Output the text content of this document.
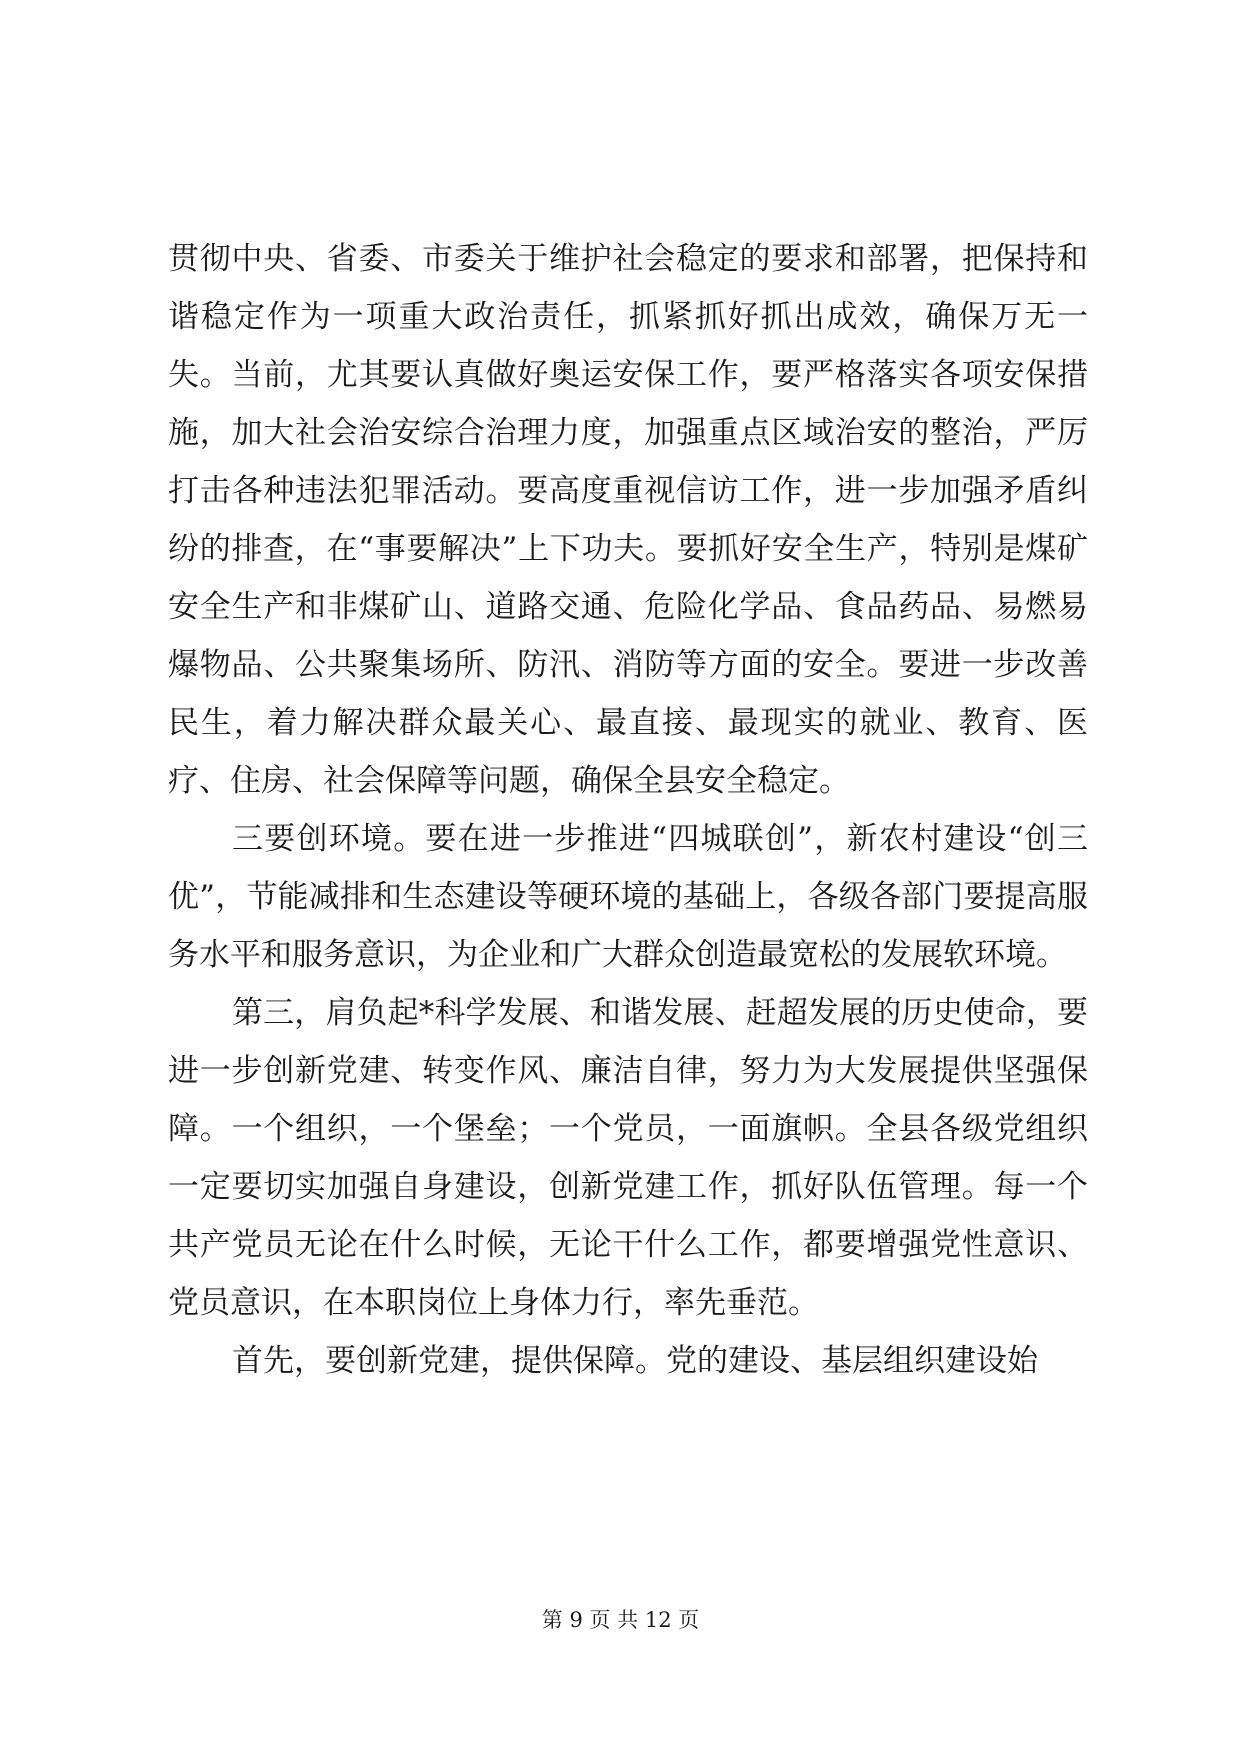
贯彻中央、省委、市委关于维护社会稳定的要求和部署，把保持和谐稳定作为一项重大政治责任，抓紧抓好抓出成效，确保万无一失。当前，尤其要认真做好奥运安保工作，要严格落实各项安保措施，加大社会治安综合治理力度，加强重点区域治安的整治，严厉打击各种违法犯罪活动。要高度重视信访工作，进一步加强矛盾纠纷的排查，在“事要解决”上下功夫。要抓好安全生产，特别是煤矿安全生产和非煤矿山、道路交通、危险化学品、食品药品、易燃易爆物品、公共聚集场所、防汛、消防等方面的安全。要进一步改善民生，着力解决群众最关心、最直接、最现实的就业、教育、医疗、住房、社会保障等问题，确保全县安全稳定。

三要创环境。要在进一步推进“四城联创”，新农村建设“创三优”，节能减排和生态建设等硬环境的基础上，各级各部门要提高服务水平和服务意识，为企业和广大群众创造最宽松的发展软环境。

第三，肩负起*科学发展、和谐发展、赶超发展的历史使命，要进一步创新党建、转变作风、廉洁自律，努力为大发展提供坚强保障。一个组织，一个堡垒；一个党员，一面旗帜。全县各级党组织一定要切实加强自身建设，创新党建工作，抓好队伍管理。每一个共产党员无论在什么时候，无论干什么工作，都要增强党性意识、党员意识，在本职岗位上身体力行，率先垂范。

首先，要创新党建，提供保障。党的建设、基层组织建设始

第 9 页 共 12 页
